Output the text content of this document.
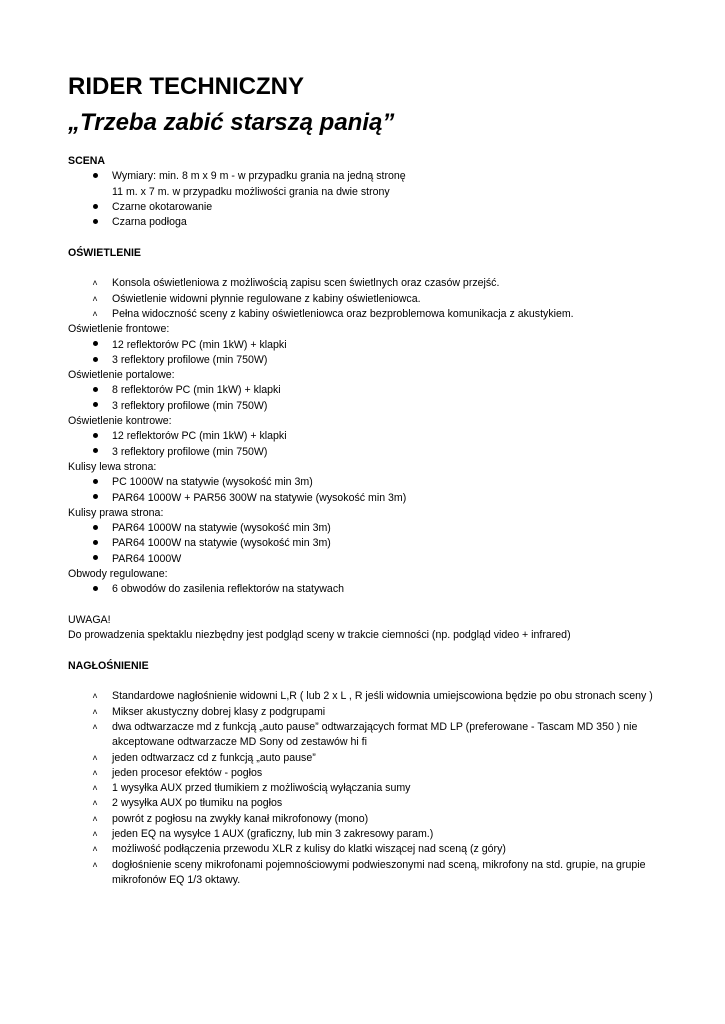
RIDER TECHNICZNY
„Trzeba zabić starszą panią”

SCENA

Wymiary: min. 8 m x 9 m - w przypadku grania na jedną stronę
11 m. x 7 m. w przypadku możliwości grania na dwie strony
Czarne okotarowanie
Czarna podłoga

OŚWIETLENIE

˄	Konsola oświetleniowa z możliwością zapisu scen świetlnych oraz czasów przejść.
˄	Oświetlenie widowni płynnie regulowane z kabiny oświetleniowca.
˄	Pełna widoczność sceny z kabiny oświetleniowca oraz bezproblemowa komunikacja z akustykiem.

Oświetlenie frontowe:

12 reflektorów PC (min 1kW) + klapki
3 reflektory profilowe (min 750W)

Oświetlenie portalowe:

8 reflektorów PC (min 1kW) + klapki
3 reflektory profilowe (min 750W)

Oświetlenie kontrowe:

12 reflektorów PC (min 1kW) + klapki
3 reflektory profilowe (min 750W)

Kulisy lewa strona:

PC 1000W na statywie (wysokość min 3m)
PAR64 1000W + PAR56 300W na statywie (wysokość min 3m)

Kulisy prawa strona:

PAR64 1000W na statywie (wysokość min 3m)
PAR64 1000W na statywie (wysokość min 3m)
PAR64 1000W

Obwody regulowane:

6 obwodów do zasilenia reflektorów na statywach

UWAGA!

Do prowadzenia spektaklu niezbędny jest podgląd sceny w trakcie ciemności (np. podgląd video + infrared)

NAGŁOŚNIENIE

˄	Standardowe nagłośnienie widowni L,R ( lub 2 x L , R jeśli widownia umiejscowiona będzie po obu stronach sceny )
˄	Mikser akustyczny dobrej klasy z podgrupami
˄	dwa odtwarzacze md z funkcją „auto pause” odtwarzających format MD LP (preferowane - Tascam MD 350 ) nie akceptowane odtwarzacze MD Sony od zestawów hi fi
˄	jeden odtwarzacz cd z funkcją „auto pause”
˄	jeden procesor efektów - pogłos
˄	1 wysyłka AUX przed tłumikiem z możliwością wyłączania sumy
˄	2 wysyłka AUX po tłumiku na pogłos
˄	powrót z pogłosu na zwykły kanał mikrofonowy (mono)
˄	jeden EQ na wysyłce 1 AUX (graficzny, lub min 3 zakresowy param.)
˄	możliwość podłączenia przewodu XLR z kulisy do klatki wiszącej nad sceną (z góry)
˄	dogłośnienie sceny mikrofonami pojemnościowymi podwieszonymi nad sceną, mikrofony na std. grupie, na grupie mikrofonów EQ 1/3 oktawy.
